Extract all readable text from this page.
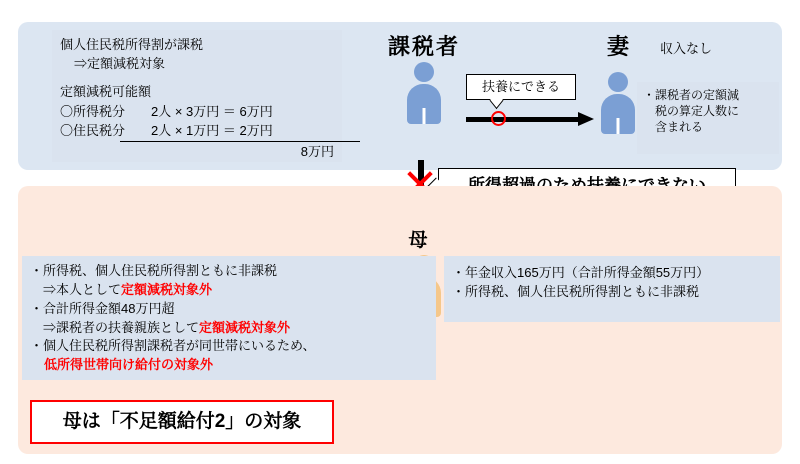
個人住民税所得割が課税
⇒定額減税対象
定額減税可能額
〇所得税分　　2人 × 3万円 ＝ 6万円
〇住民税分　　2人 × 1万円 ＝ 2万円
8万円
課税者	妻	収入なし
扶養にできる
・課税者の定額減
　税の算定人数に
　含まれる
母
・所得税、個人住民税所得割ともに非課税
　⇒本人として定額減税対象外
・合計所得金額48万円超
　⇒課税者の扶養親族として定額減税対象外
・個人住民税所得割課税者が同世帯にいるため、
低所得世帯向け給付の対象外
・年金収入165万円（合計所得金額55万円）
・所得税、個人住民税所得割ともに非課税
母は「不足額給付2」の対象
